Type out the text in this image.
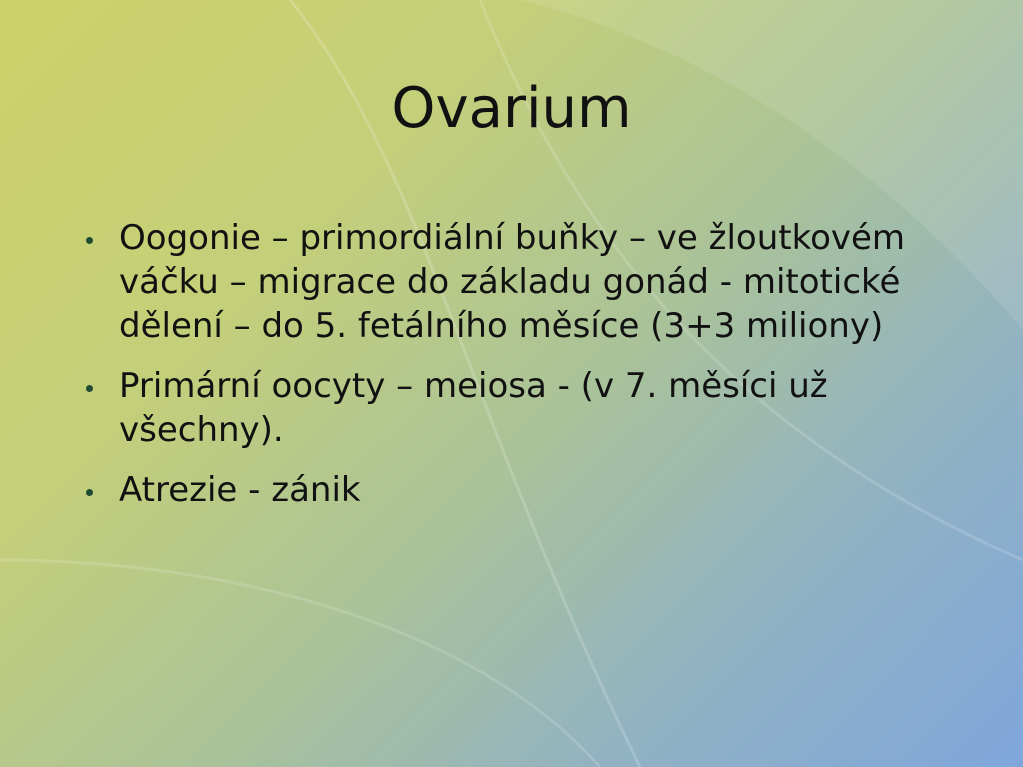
Ovarium
Oogonie – primordiální buňky – ve žloutkovém váčku – migrace do základu gonád - mitotické dělení – do 5. fetálního měsíce (3+3 miliony)
Primární oocyty – meiosa - (v 7. měsíci už všechny).
Atrezie - zánik
